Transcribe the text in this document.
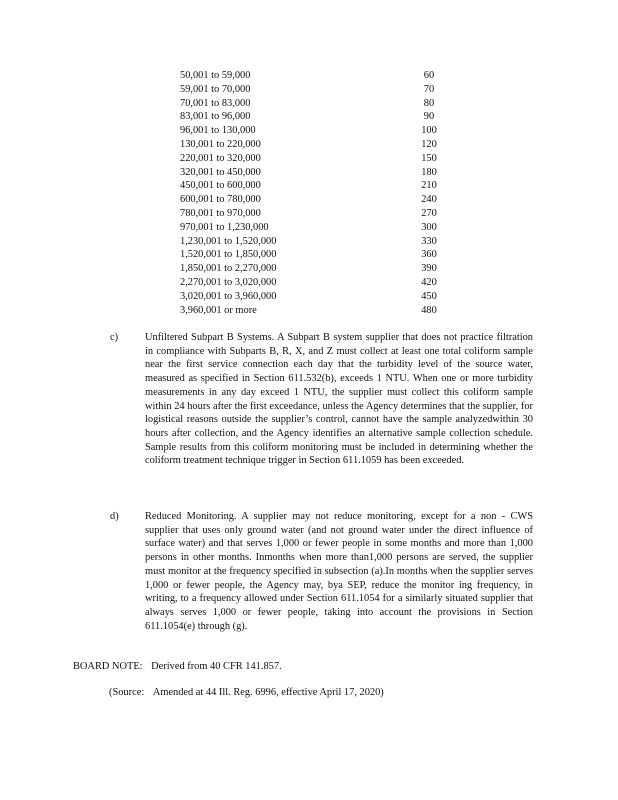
50,001 to 59,000	60
59,001 to 70,000	70
70,001 to 83,000	80
83,001 to 96,000	90
96,001 to 130,000	100
130,001 to 220,000	120
220,001 to 320,000	150
320,001 to 450,000	180
450,001 to 600,000	210
600,001 to 780,000	240
780,001 to 970,000	270
970,001 to 1,230,000	300
1,230,001 to 1,520,000	330
1,520,001 to 1,850,000	360
1,850,001 to 2,270,000	390
2,270,001 to 3,020,000	420
3,020,001 to 3,960,000	450
3,960,001 or more	480
c)	Unfiltered Subpart B Systems. A Subpart B system supplier that does not practice filtration in compliance with Subparts B, R, X, and Z must collect at least one total coliform sample near the first service connection each day that the turbidity level of the source water, measured as specified in Section 611.532(b), exceeds 1 NTU. When one or more turbidity measurements in any day exceed 1 NTU, the supplier must collect this coliform sample within 24 hours after the first exceedance, unless the Agency determines that the supplier, for logistical reasons outside the supplier’s control, cannot have the sample analyzedwithin 30 hours after collection, and the Agency identifies an alternative sample collection schedule. Sample results from this coliform monitoring must be included in determining whether the coliform treatment technique trigger in Section 611.1059 has been exceeded.
d)	Reduced Monitoring. A supplier may not reduce monitoring, except for a non - CWS supplier that uses only ground water (and not ground water under the direct influence of surface water) and that serves 1,000 or fewer people in some months and more than 1,000 persons in other months. Inmonths when more than1,000 persons are served, the supplier must monitor at the frequency specified in subsection (a).In months when the supplier serves 1,000 or fewer people, the Agency may, bya SEP, reduce the monitor ing frequency, in writing, to a frequency allowed under Section 611.1054 for a similarly situated supplier that always serves 1,000 or fewer people, taking into account the provisions in Section 611.1054(e) through (g).
BOARD NOTE: Derived from 40 CFR 141.857.
(Source: Amended at 44 Ill. Reg. 6996, effective April 17, 2020)
